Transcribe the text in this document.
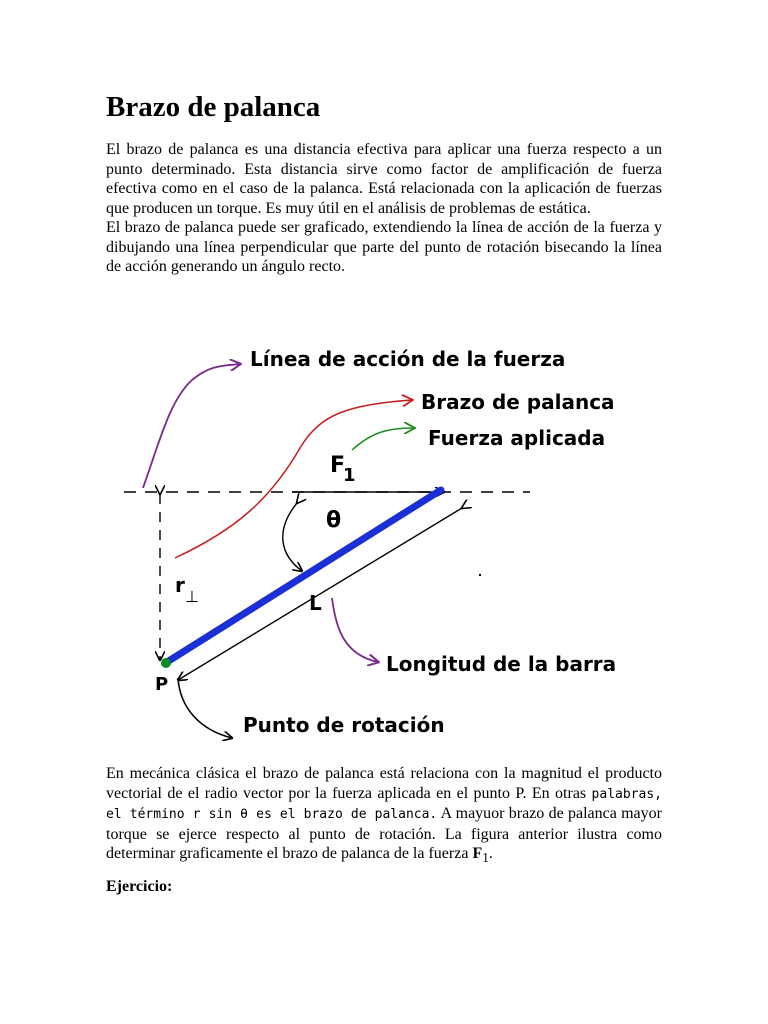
Brazo de palanca

El brazo de palanca es una distancia efectiva para aplicar una fuerza respecto a un punto determinado. Esta distancia sirve como factor de amplificación de fuerza efectiva como en el caso de la palanca. Está relacionada con la aplicación de fuerzas que producen un torque. Es muy útil en el análisis de problemas de estática.

El brazo de palanca puede ser graficado, extendiendo la línea de acción de la fuerza y dibujando una línea perpendicular que parte del punto de rotación bisecando la línea de acción generando un ángulo recto.

Línea de acción de la fuerza
Brazo de palanca
Fuerza aplicada
F
1
θ
r ⊥	L
P
Longitud de la barra
Punto de rotación

En mecánica clásica el brazo de palanca está relaciona con la magnitud el producto vectorial de el radio vector por la fuerza aplicada en el punto P. En otras palabras, el término r sin θ es el brazo de palanca. A mayuor brazo de palanca mayor torque se ejerce respecto al punto de rotación. La figura anterior ilustra como determinar graficamente el brazo de palanca de la fuerza $F_1$.

Ejercicio:
